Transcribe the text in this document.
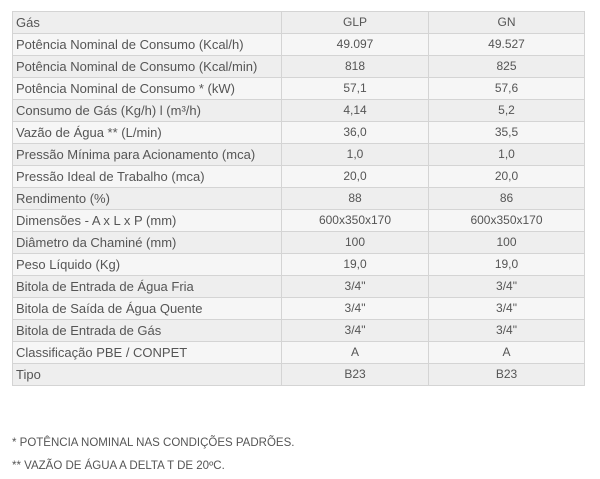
Gás	GLP	GN
Potência Nominal de Consumo (Kcal/h)	49.097	49.527
Potência Nominal de Consumo (Kcal/min)	818	825
Potência Nominal de Consumo * (kW)	57,1	57,6
Consumo de Gás (Kg/h) l (m³/h)	4,14	5,2
Vazão de Água ** (L/min)	36,0	35,5
Pressão Mínima para Acionamento (mca)	1,0	1,0
Pressão Ideal de Trabalho (mca)	20,0	20,0
Rendimento (%)	88	86
Dimensões - A x L x P (mm)	600x350x170	600x350x170
Diâmetro da Chaminé (mm)	100	100
Peso Líquido (Kg)	19,0	19,0
Bitola de Entrada de Água Fria	3/4"	3/4"
Bitola de Saída de Água Quente	3/4"	3/4"
Bitola de Entrada de Gás	3/4"	3/4"
Classificação PBE / CONPET	A	A
Tipo	B23	B23
* POTÊNCIA NOMINAL NAS CONDIÇÕES PADRÕES.
** VAZÃO DE ÁGUA A DELTA T DE 20ºC.
